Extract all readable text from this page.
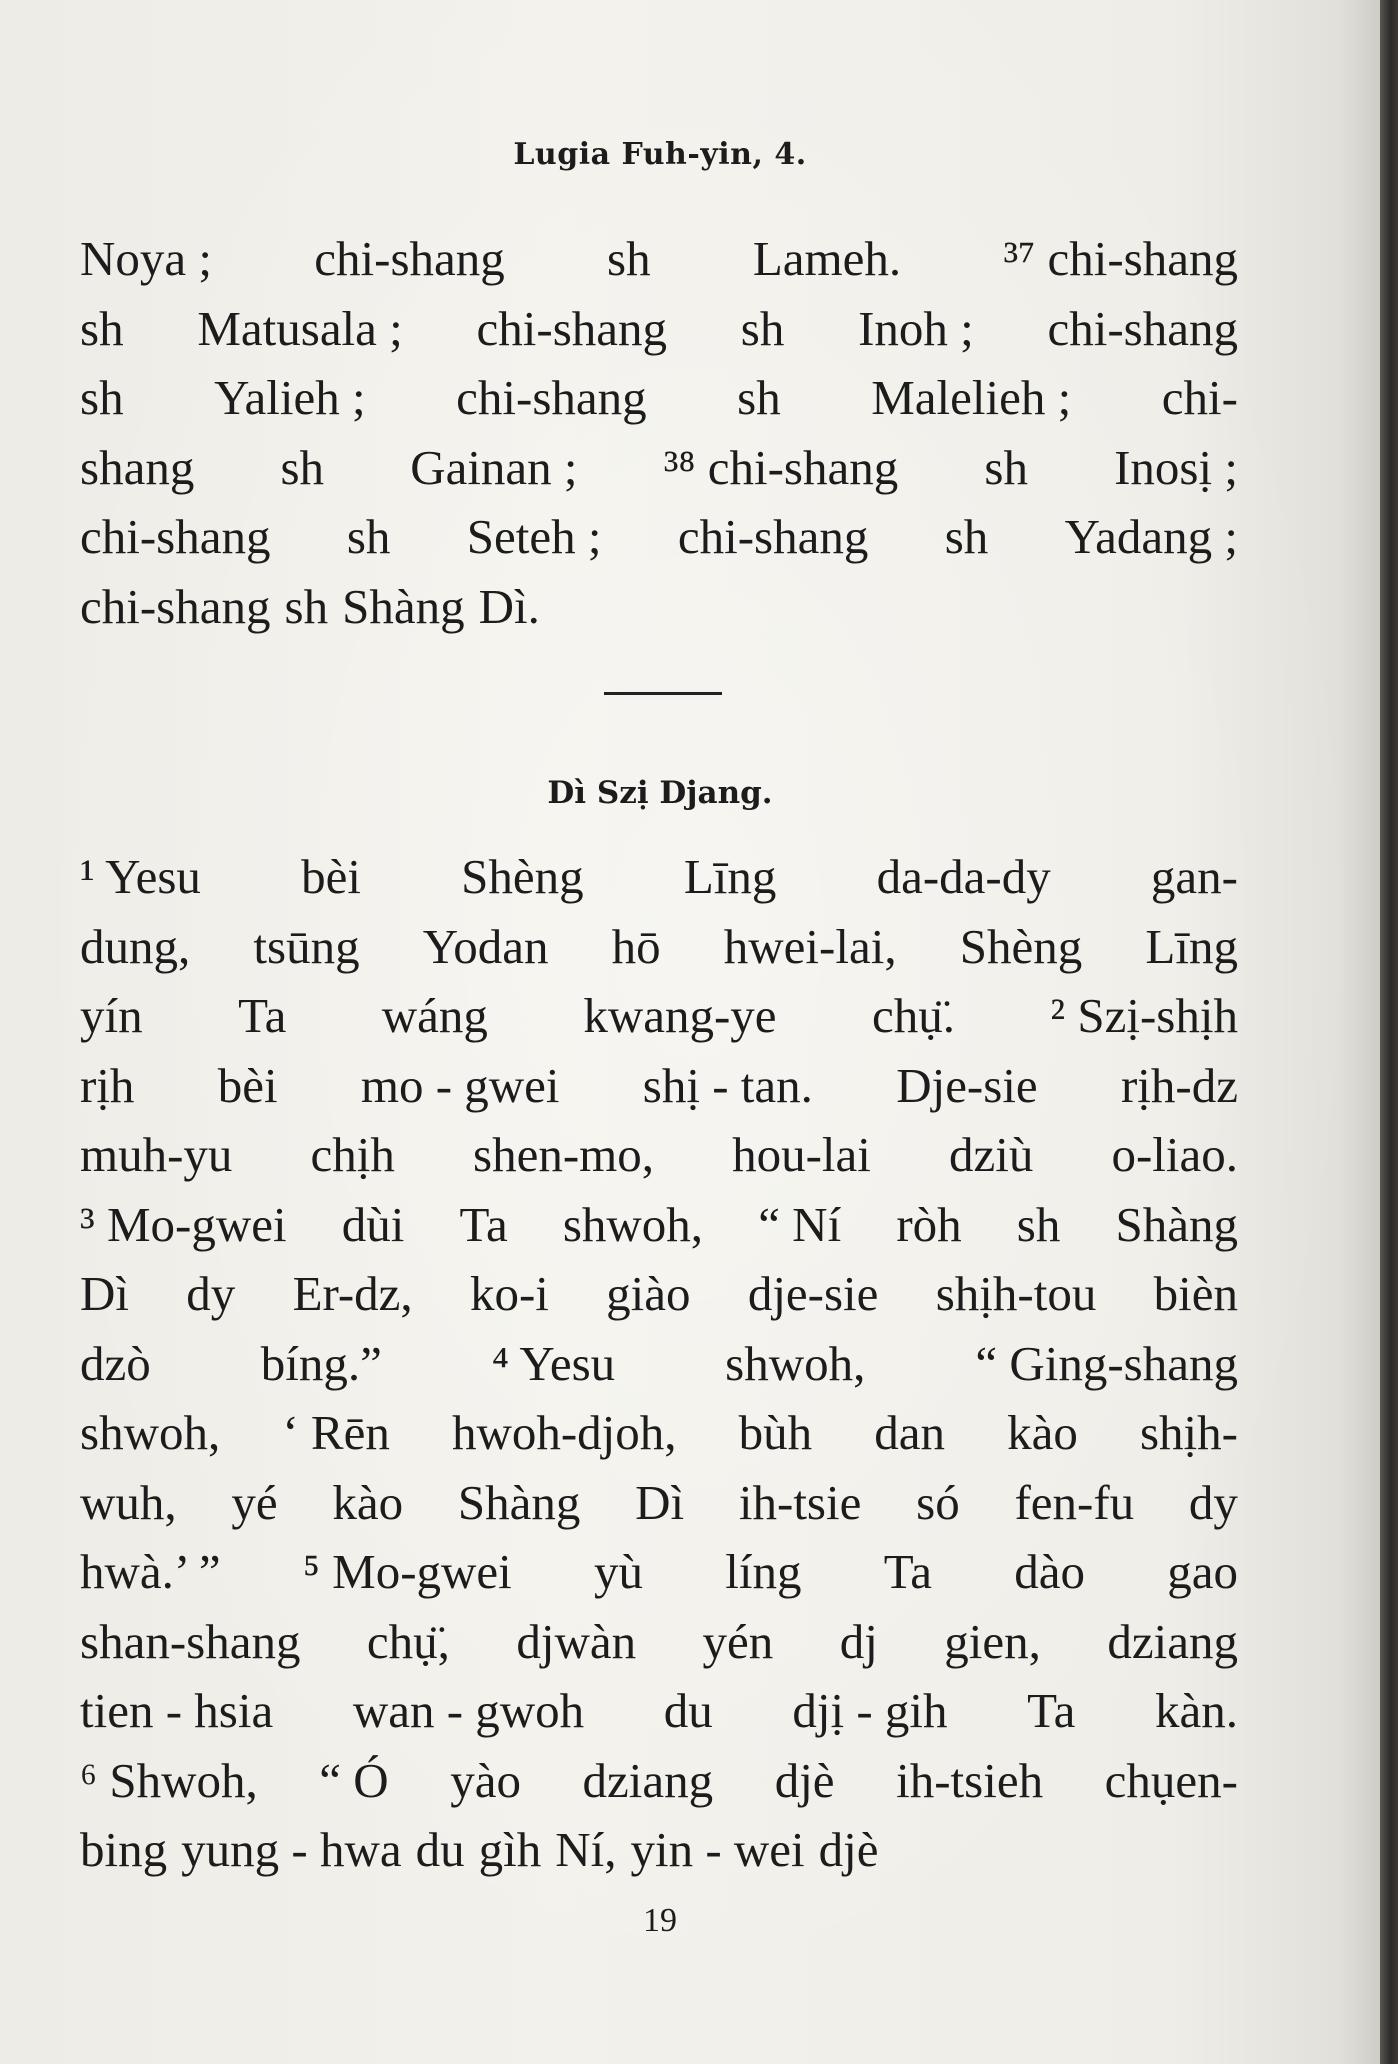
Lugia Fuh-yin, 4.
Noya ; chi-shang sh Lameh. ³⁷ chi-shang
sh Matusala ; chi-shang sh Inoh ; chi-shang
sh Yalieh ; chi-shang sh Malelieh ; chi-
shang sh Gainan ; ³⁸ chi-shang sh Inosị ;
chi-shang sh Seteh ; chi-shang sh Yadang ;
chi-shang sh Shàng Dì.
Dì Szị Djang.
¹ Yesu bèi Shèng Līng da-da-dy gan-
dung, tsūng Yodan hō hwei-lai, Shèng Līng
yín Ta wáng kwang-ye chụ̈. ² Szị-shịh
rịh bèi mo - gwei shị - tan. Dje-sie rịh-dz
muh-yu chịh shen-mo, hou-lai dziù o-liao.
³ Mo-gwei dùi Ta shwoh, “ Ní ròh sh Shàng
Dì dy Er-dz, ko-i giào dje-sie shịh-tou bièn
dzò bíng.” ⁴ Yesu shwoh, “ Ging-shang
shwoh, ‘ Rēn hwoh-djoh, bùh dan kào shịh-
wuh, yé kào Shàng Dì ih-tsie só fen-fu dy
hwà.’ ” ⁵ Mo-gwei yù líng Ta dào gao
shan-shang chụ̈, djwàn yén dj gien, dziang
tien - hsia wan - gwoh du djị - gih Ta kàn.
⁶ Shwoh, “ Ó yào dziang djè ih-tsieh chụen-
bing yung - hwa du gìh Ní, yin - wei djè
19
